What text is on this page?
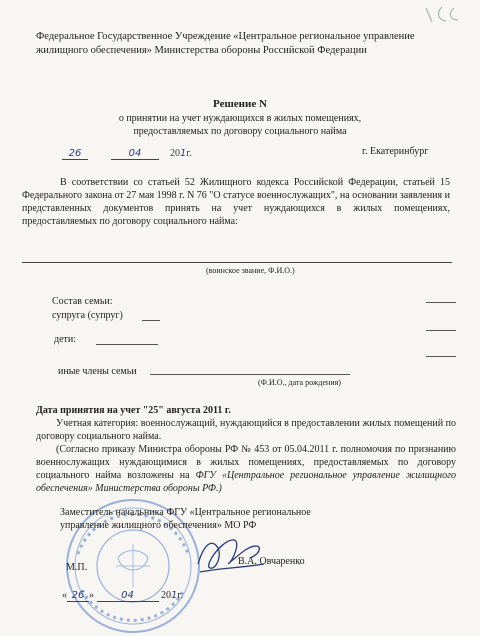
Федеральное Государственное Учреждение «Центральное региональное управление
жилищного обеспечения» Министерства обороны Российской Федерации
Решение N
о принятии на учет нуждающихся в жилых помещениях,
предоставляемых по договору социального найма
26	04	201г.	г. Екатеринбург
В соответствии со статьей 52 Жилищного кодекса Российской Федерации, статьей 15 Федерального закона от 27 мая 1998 г. N 76 "О статусе военнослужащих", на основании заявления и представленных документов принять на учет нуждающихся в жилых помещениях, предоставляемых по договору социального найма:
(воинское звание, Ф.И.О.)
Состав семьи:
супруга (супруг)
дети:
иные члены семьи
(Ф.И.О., дата рождения)
Дата принятия на учет "25" августа 2011 г.
Учетная категория: военнослужащий, нуждающийся в предоставлении жилых помещений по договору социального найма.
(Согласно приказу Министра обороны РФ № 453 от 05.04.2011 г. полномочия по признанию военнослужащих нуждающимися в жилых помещениях, предоставляемых по договору социального найма возложены на ФГУ «Центральное региональное управление жилищного обеспечения» Министерства обороны РФ.)
Заместитель начальника ФГУ «Центральное региональное
управление жилищного обеспечения» МО РФ
М.П.
В.А. Овчаренко
« 26 »	04	201г.
